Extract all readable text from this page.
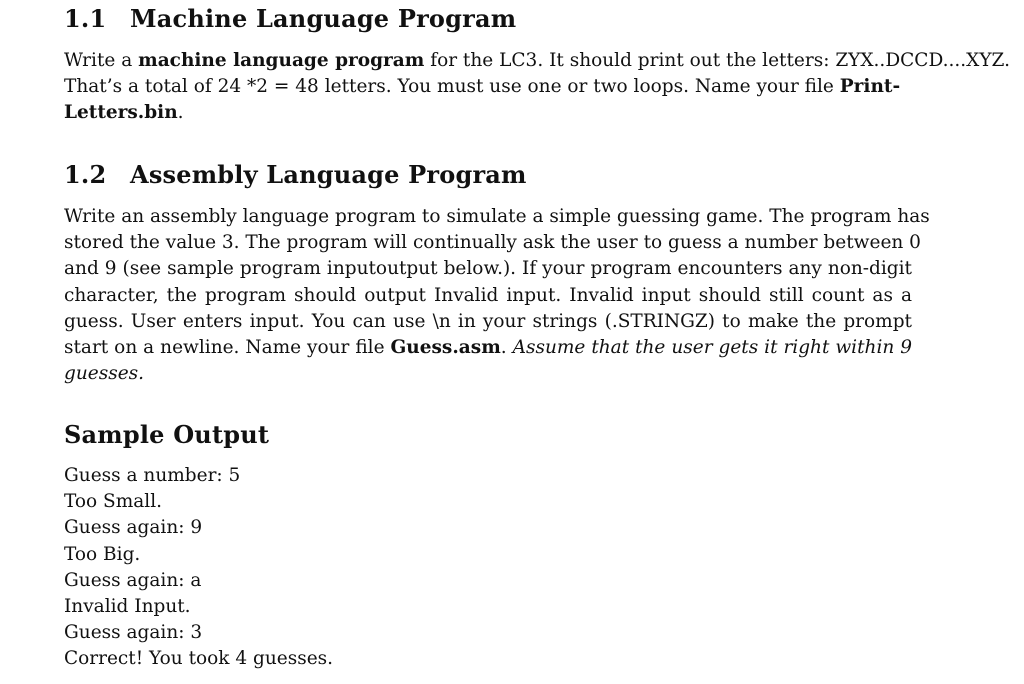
1.1 Machine Language Program
Write a machine language program for the LC3. It should print out the letters: ZYX..DCCD....XYZ.
That’s a total of 24 *2 = 48 letters. You must use one or two loops. Name your file Print-
Letters.bin.
1.2 Assembly Language Program
Write an assembly language program to simulate a simple guessing game. The program has
stored the value 3. The program will continually ask the user to guess a number between 0
and 9 (see sample program inputoutput below.). If your program encounters any non-digit
character, the program should output Invalid input. Invalid input should still count as a
guess. User enters input. You can use \n in your strings (.STRINGZ) to make the prompt
start on a newline. Name your file Guess.asm. Assume that the user gets it right within 9
guesses.
Sample Output
Guess a number: 5
Too Small.
Guess again: 9
Too Big.
Guess again: a
Invalid Input.
Guess again: 3
Correct! You took 4 guesses.
